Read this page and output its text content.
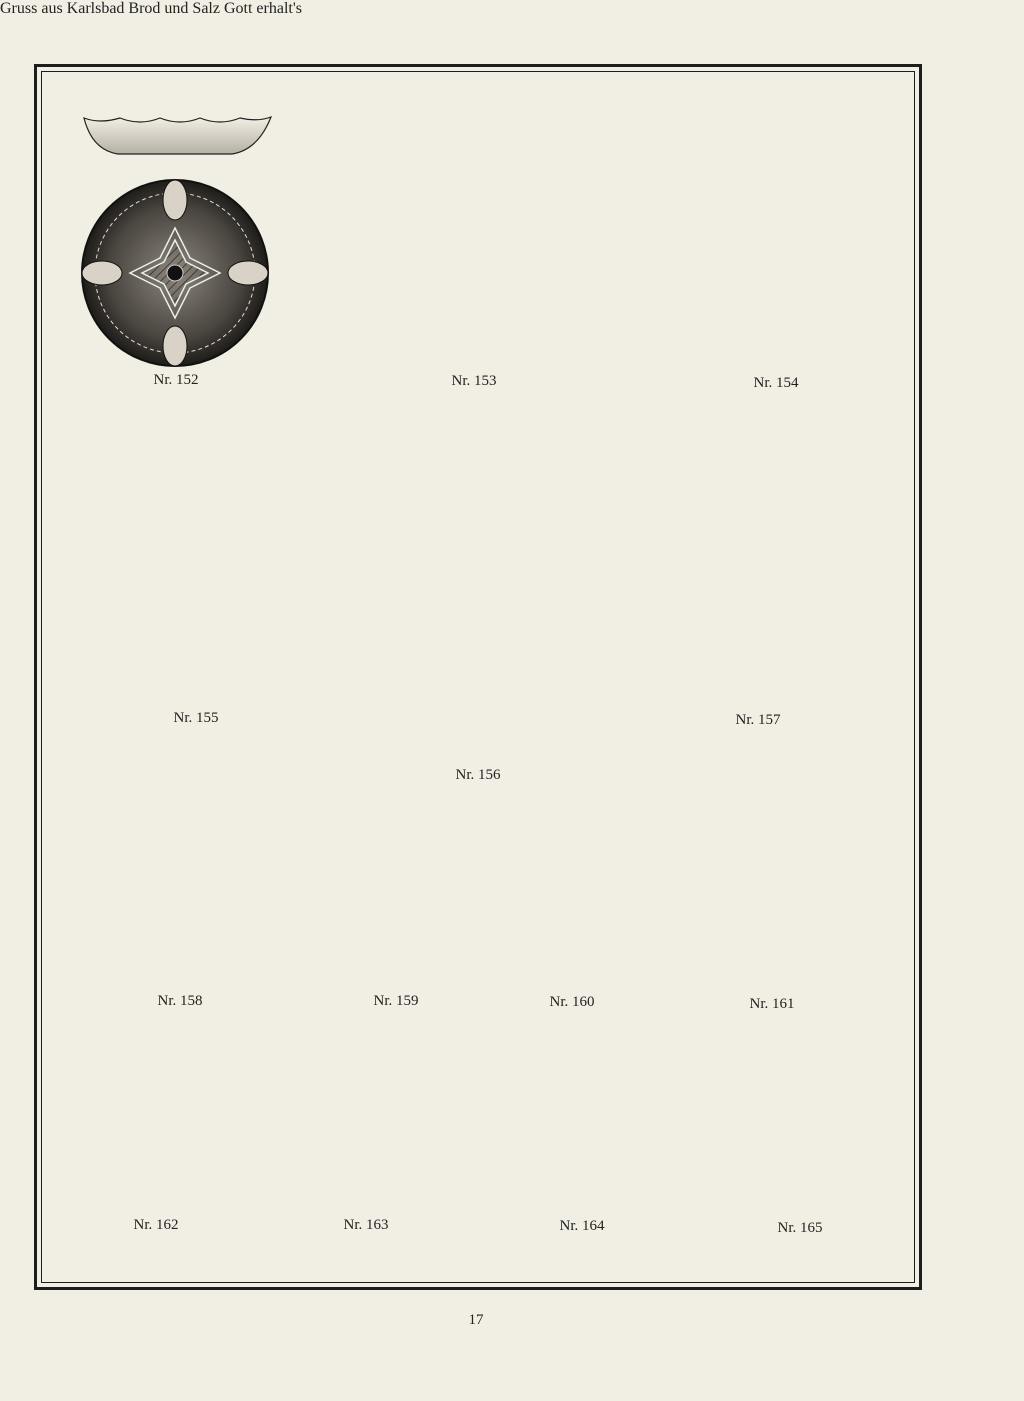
Gruss aus Karlsbad Brod und Salz Gott erhalt's
Nr. 152	Nr. 153	Nr. 154
Nr. 155
Nr. 156
Nr. 157
Nr. 158	Nr. 159	Nr. 160	Nr. 161
Nr. 162	Nr. 163	Nr. 164	Nr. 165
17
